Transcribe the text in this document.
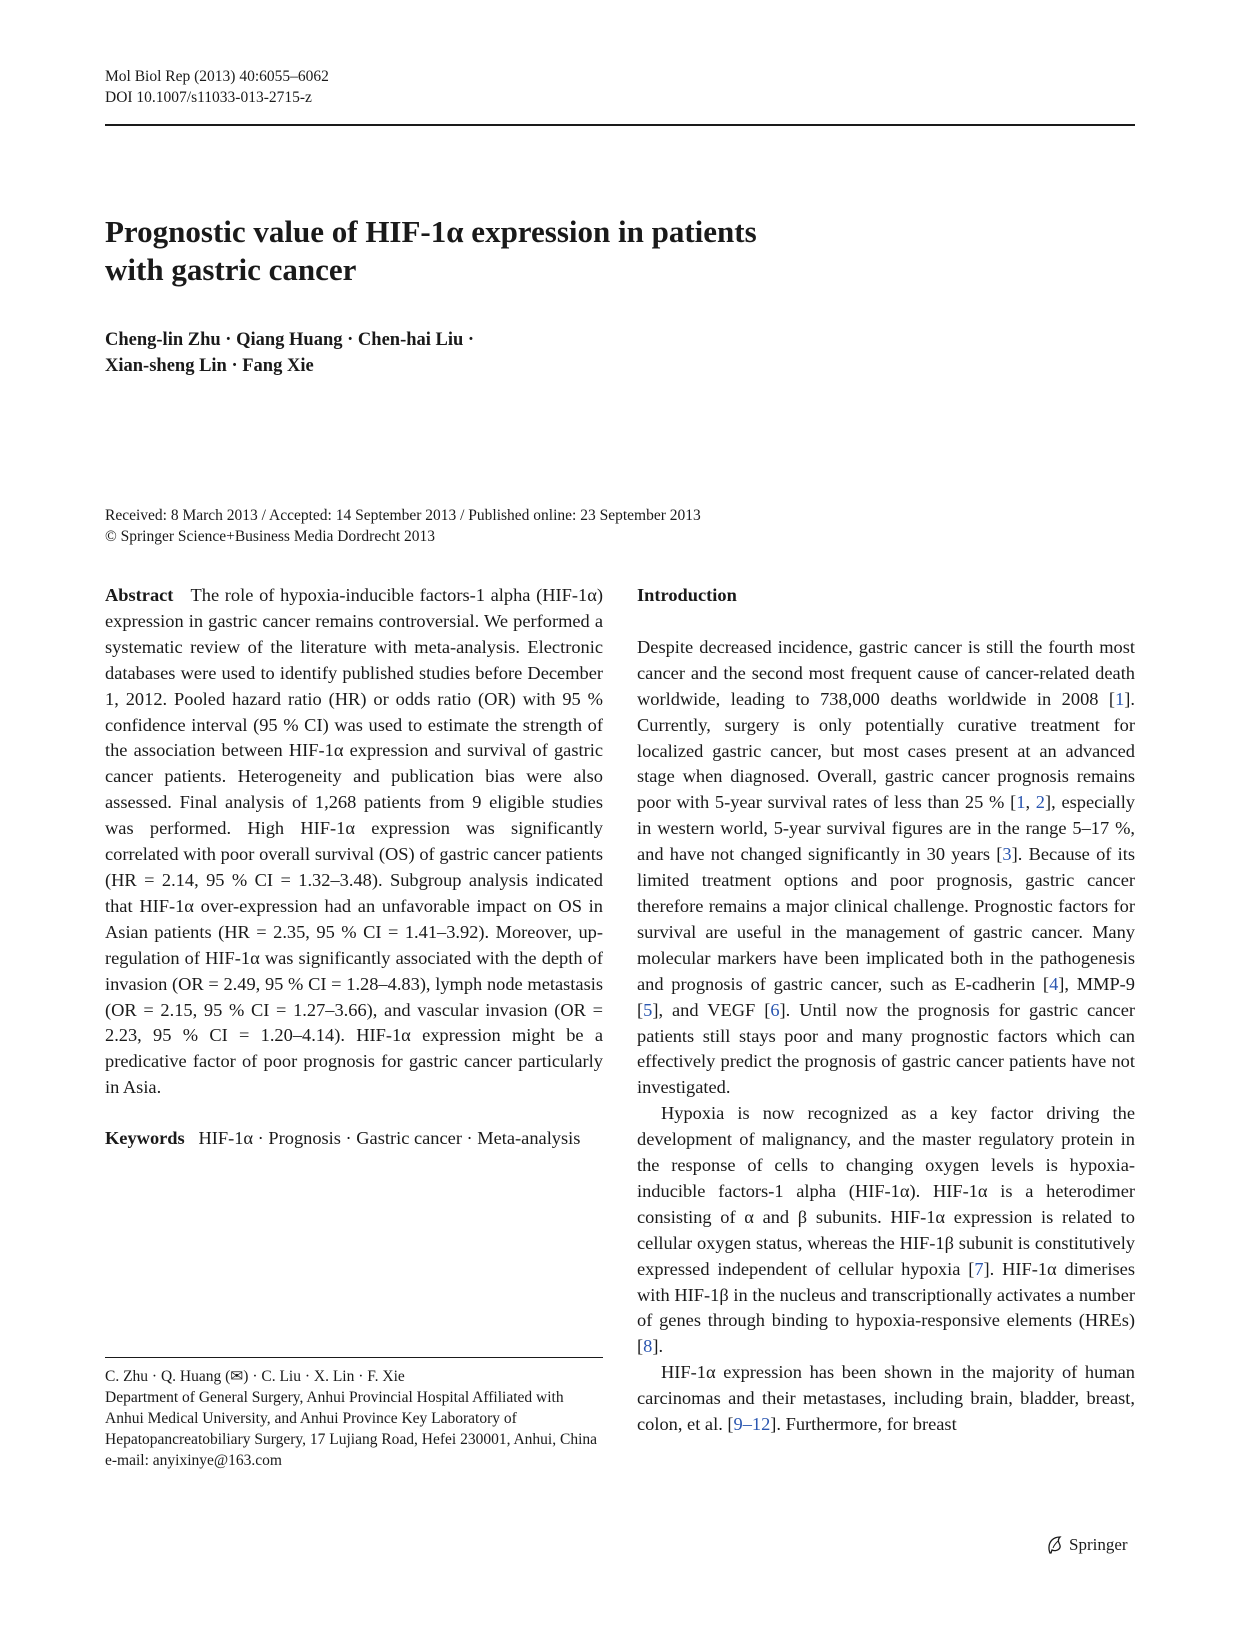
Mol Biol Rep (2013) 40:6055–6062
DOI 10.1007/s11033-013-2715-z
Prognostic value of HIF-1α expression in patients
with gastric cancer
Cheng-lin Zhu · Qiang Huang · Chen-hai Liu ·
Xian-sheng Lin · Fang Xie
Received: 8 March 2013 / Accepted: 14 September 2013 / Published online: 23 September 2013
© Springer Science+Business Media Dordrecht 2013

Abstract The role of hypoxia-inducible factors-1 alpha (HIF-1α) expression in gastric cancer remains controversial. We performed a systematic review of the literature with meta-analysis. Electronic databases were used to identify published studies before December 1, 2012. Pooled hazard ratio (HR) or odds ratio (OR) with 95 % confidence interval (95 % CI) was used to estimate the strength of the association between HIF-1α expression and survival of gastric cancer patients. Heterogeneity and publication bias were also assessed. Final analysis of 1,268 patients from 9 eligible studies was performed. High HIF-1α expression was significantly correlated with poor overall survival (OS) of gastric cancer patients (HR = 2.14, 95 % CI = 1.32–3.48). Subgroup analysis indicated that HIF-1α over-expression had an unfavorable impact on OS in Asian patients (HR = 2.35, 95 % CI = 1.41–3.92). Moreover, up-regulation of HIF-1α was significantly associated with the depth of invasion (OR = 2.49, 95 % CI = 1.28–4.83), lymph node metastasis (OR = 2.15, 95 % CI = 1.27–3.66), and vascular invasion (OR = 2.23, 95 % CI = 1.20–4.14). HIF-1α expression might be a predicative factor of poor prognosis for gastric cancer particularly in Asia.

Keywords HIF-1α · Prognosis · Gastric cancer · Meta-analysis

C. Zhu · Q. Huang (✉) · C. Liu · X. Lin · F. Xie
Department of General Surgery, Anhui Provincial Hospital Affiliated with Anhui Medical University, and Anhui Province Key Laboratory of Hepatopancreatobiliary Surgery, 17 Lujiang Road, Hefei 230001, Anhui, China
e-mail: anyixinye@163.com

Introduction

Despite decreased incidence, gastric cancer is still the fourth most cancer and the second most frequent cause of cancer-related death worldwide, leading to 738,000 deaths worldwide in 2008 [1]. Currently, surgery is only potentially curative treatment for localized gastric cancer, but most cases present at an advanced stage when diagnosed. Overall, gastric cancer prognosis remains poor with 5-year survival rates of less than 25 % [1, 2], especially in western world, 5-year survival figures are in the range 5–17 %, and have not changed significantly in 30 years [3]. Because of its limited treatment options and poor prognosis, gastric cancer therefore remains a major clinical challenge. Prognostic factors for survival are useful in the management of gastric cancer. Many molecular markers have been implicated both in the pathogenesis and prognosis of gastric cancer, such as E-cadherin [4], MMP-9 [5], and VEGF [6]. Until now the prognosis for gastric cancer patients still stays poor and many prognostic factors which can effectively predict the prognosis of gastric cancer patients have not investigated.

Hypoxia is now recognized as a key factor driving the development of malignancy, and the master regulatory protein in the response of cells to changing oxygen levels is hypoxia-inducible factors-1 alpha (HIF-1α). HIF-1α is a heterodimer consisting of α and β subunits. HIF-1α expression is related to cellular oxygen status, whereas the HIF-1β subunit is constitutively expressed independent of cellular hypoxia [7]. HIF-1α dimerises with HIF-1β in the nucleus and transcriptionally activates a number of genes through binding to hypoxia-responsive elements (HREs) [8].

HIF-1α expression has been shown in the majority of human carcinomas and their metastases, including brain, bladder, breast, colon, et al. [9–12]. Furthermore, for breast

Springer
